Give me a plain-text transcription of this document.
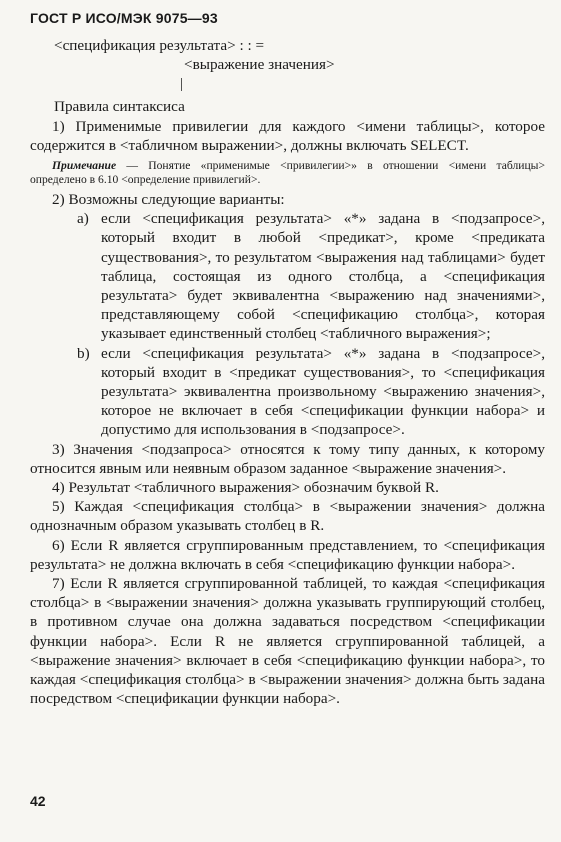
ГОСТ Р ИСО/МЭК 9075—93
<спецификация результата> : : =
<выражение значения>
|
Правила синтаксиса

1) Применимые привилегии для каждого <имени таблицы>, которое содержится в <табличном выражении>, должны включать SELECT.

Примечание — Понятие «применимые <привилегии>» в отношении <имени таблицы> определено в 6.10 <определение привилегий>.

2) Возможны следующие варианты:

a) если <спецификация результата> «*» задана в <подзапросе>, который входит в любой <предикат>, кроме <предиката существования>, то результатом <выражения над таблицами> будет таблица, состоящая из одного столбца, а <спецификация результата> будет эквивалентна <выражению над значениями>, представляющему собой <спецификацию столбца>, которая указывает единственный столбец <табличного выражения>;
b) если <спецификация результата> «*» задана в <подзапросе>, который входит в <предикат существования>, то <спецификация результата> эквивалентна произвольному <выражению значения>, которое не включает в себя <спецификации функции набора> и допустимо для использования в <подзапросе>.

3) Значения <подзапроса> относятся к тому типу данных, к которому относится явным или неявным образом заданное <выражение значения>.

4) Результат <табличного выражения> обозначим буквой R.

5) Каждая <спецификация столбца> в <выражении значения> должна однозначным образом указывать столбец в R.

6) Если R является сгруппированным представлением, то <спецификация результата> не должна включать в себя <спецификацию функции набора>.

7) Если R является сгруппированной таблицей, то каждая <спецификация столбца> в <выражении значения> должна указывать группирующий столбец, в противном случае она должна задаваться посредством <спецификации функции набора>. Если R не является сгруппированной таблицей, а <выражение значения> включает в себя <спецификацию функции набора>, то каждая <спецификация столбца> в <выражении значения> должна быть задана посредством <спецификации функции набора>.

42
